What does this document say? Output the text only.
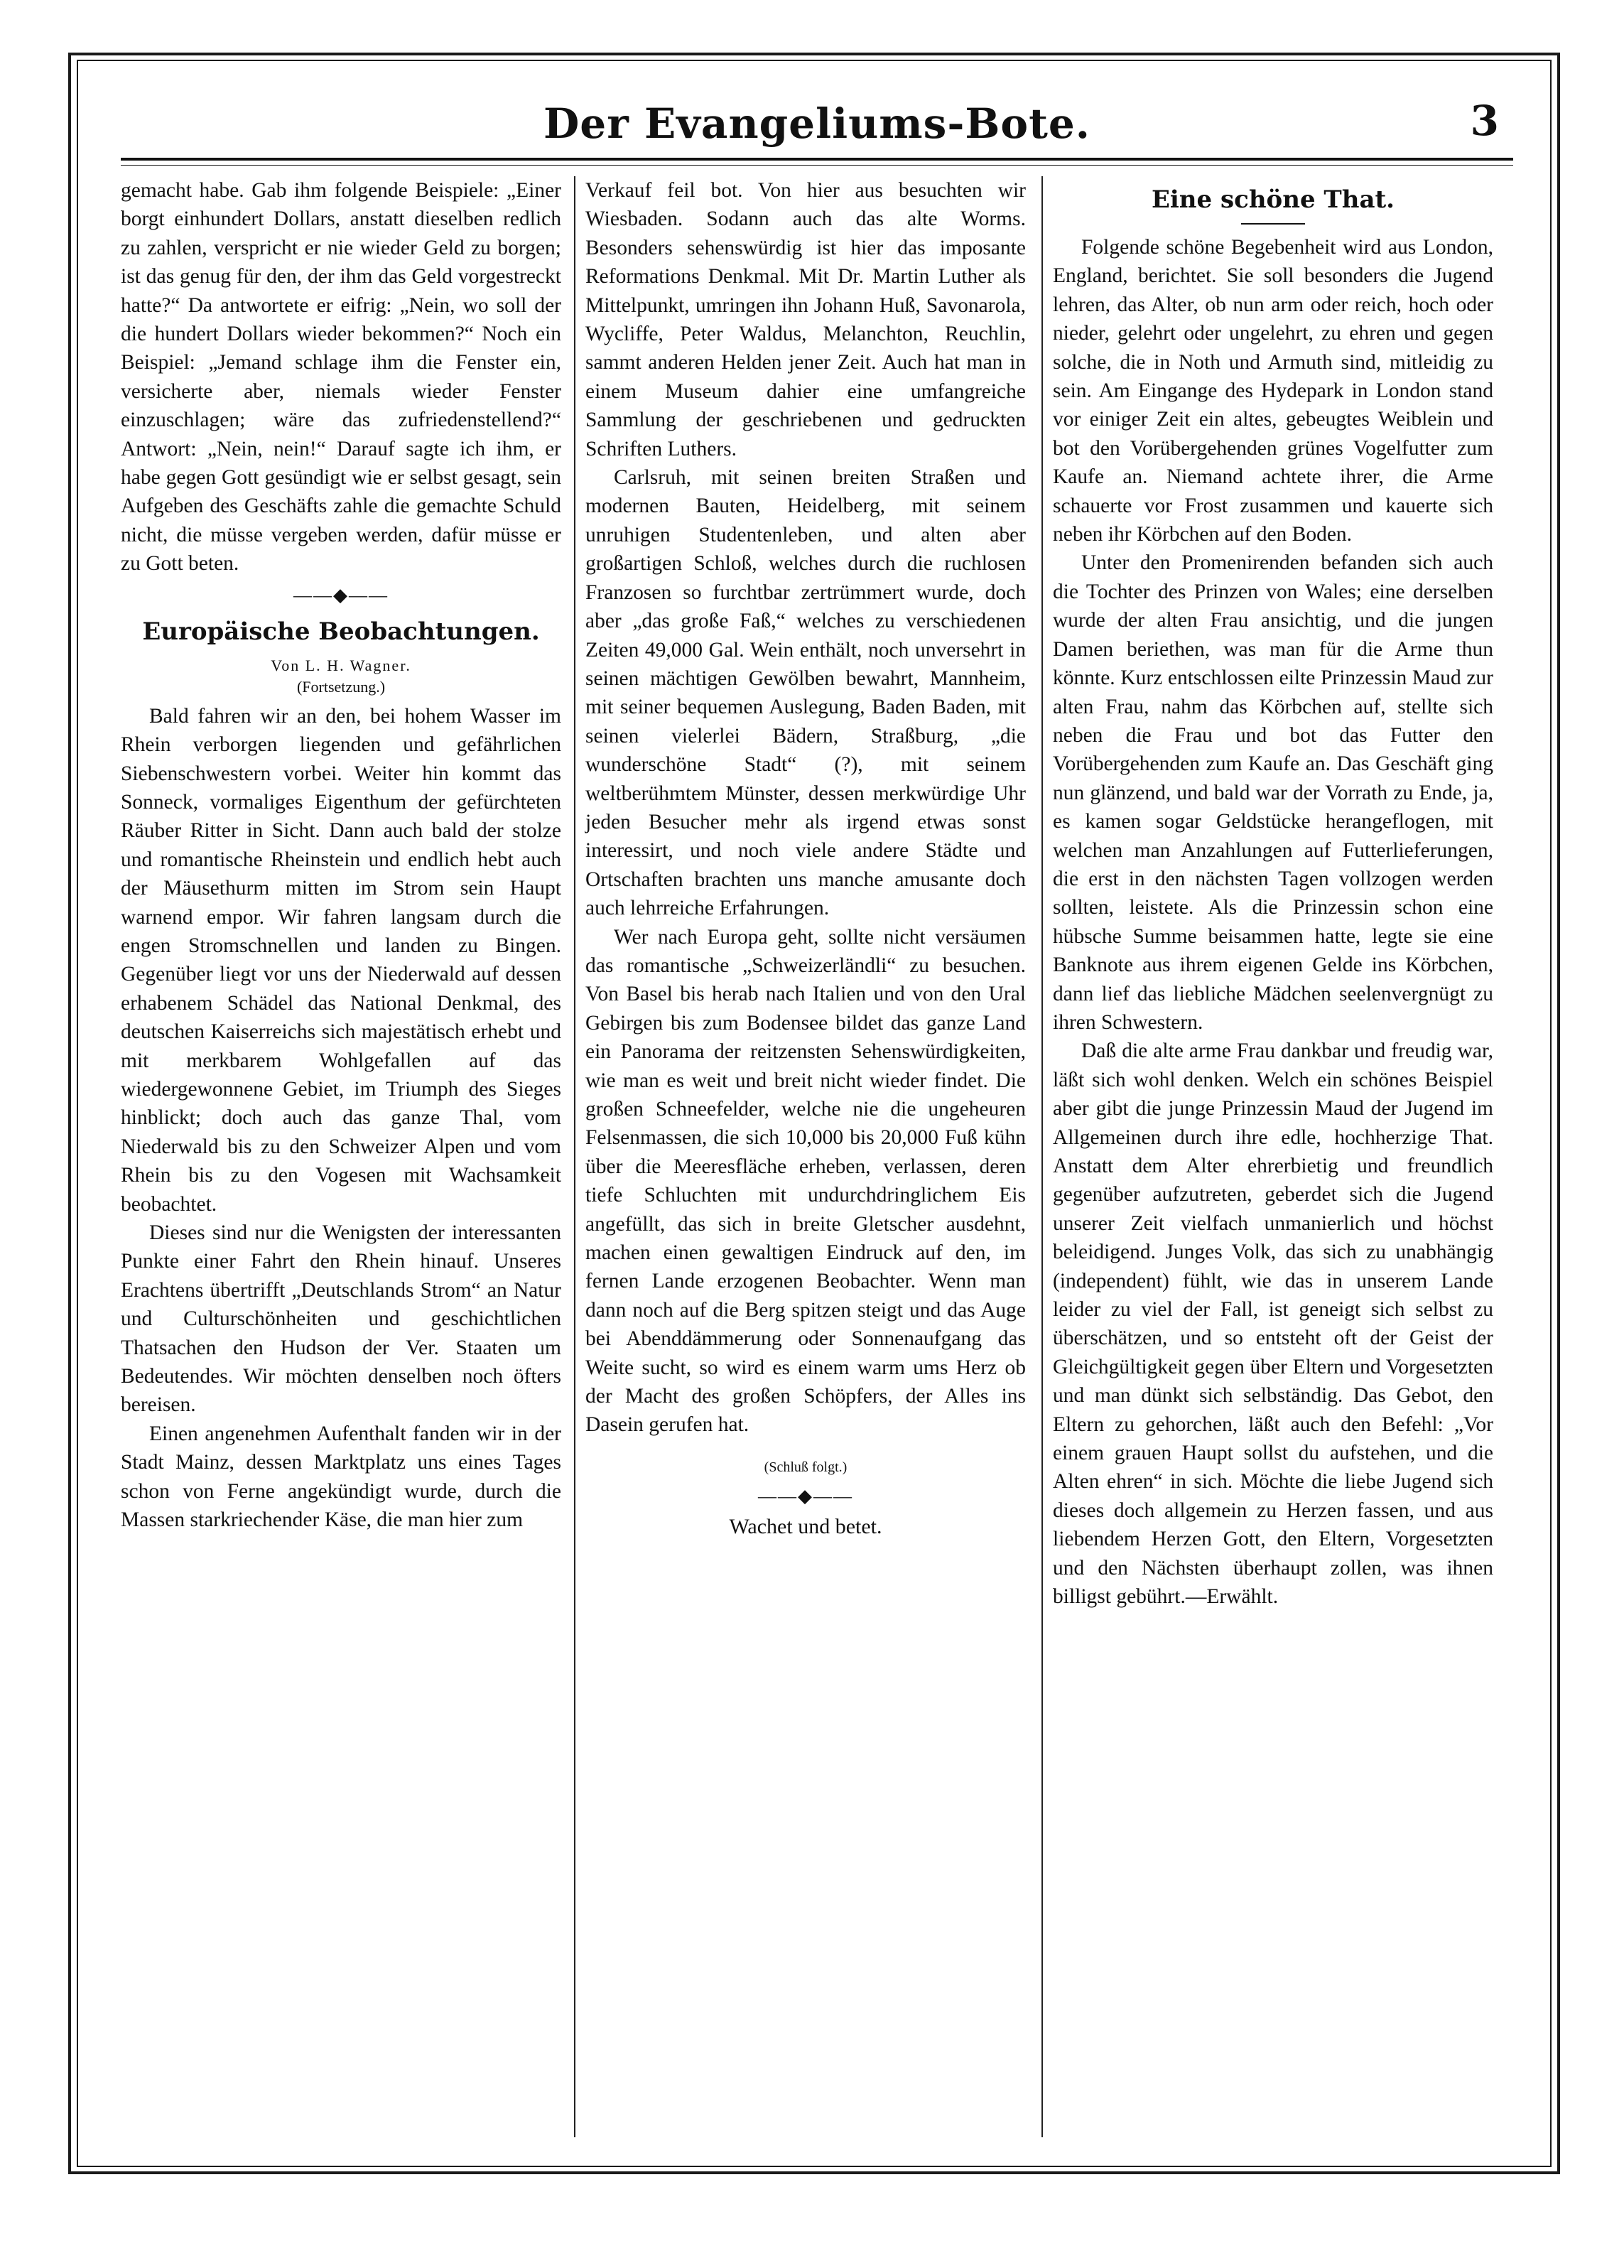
Der Evangeliums-Bote.	3

gemacht habe. Gab ihm folgende Beispiele: „Einer borgt einhundert Dollars, anstatt dieselben redlich zu zahlen, verspricht er nie wieder Geld zu borgen; ist das genug für den, der ihm das Geld vorgestreckt hatte?“ Da antwortete er eifrig: „Nein, wo soll der die hundert Dollars wieder bekommen?“ Noch ein Beispiel: „Jemand schlage ihm die Fenster ein, versicherte aber, niemals wieder Fenster einzuschlagen; wäre das zufriedenstellend?“ Antwort: „Nein, nein!“ Darauf sagte ich ihm, er habe gegen Gott gesündigt wie er selbst gesagt, sein Aufgeben des Geschäfts zahle die gemachte Schuld nicht, die müsse vergeben werden, dafür müsse er zu Gott beten.

——◆——
Europäische Beobachtungen.
Von L. H. Wagner.
(Fortsetzung.)

Bald fahren wir an den, bei hohem Wasser im Rhein verborgen liegenden und gefährlichen Siebenschwestern vorbei. Weiter hin kommt das Sonneck, vormaliges Eigenthum der gefürchteten Räuber Ritter in Sicht. Dann auch bald der stolze und romantische Rheinstein und endlich hebt auch der Mäusethurm mitten im Strom sein Haupt warnend empor. Wir fahren langsam durch die engen Stromschnellen und landen zu Bingen. Gegenüber liegt vor uns der Niederwald auf dessen erhabenem Schädel das National Denkmal, des deutschen Kaiserreichs sich majestätisch erhebt und mit merkbarem Wohlgefallen auf das wiedergewonnene Gebiet, im Triumph des Sieges hinblickt; doch auch das ganze Thal, vom Niederwald bis zu den Schweizer Alpen und vom Rhein bis zu den Vogesen mit Wachsamkeit beobachtet.

Dieses sind nur die Wenigsten der interessanten Punkte einer Fahrt den Rhein hinauf. Unseres Erachtens übertrifft „Deutschlands Strom“ an Natur und Culturschönheiten und geschichtlichen Thatsachen den Hudson der Ver. Staaten um Bedeutendes. Wir möchten denselben noch öfters bereisen.

Einen angenehmen Aufenthalt fanden wir in der Stadt Mainz, dessen Marktplatz uns eines Tages schon von Ferne angekündigt wurde, durch die Massen starkriechender Käse, die man hier zum

Verkauf feil bot. Von hier aus besuchten wir Wiesbaden. Sodann auch das alte Worms. Besonders sehenswürdig ist hier das imposante Reformations Denkmal. Mit Dr. Martin Luther als Mittelpunkt, umringen ihn Johann Huß, Savonarola, Wycliffe, Peter Waldus, Melanchton, Reuchlin, sammt anderen Helden jener Zeit. Auch hat man in einem Museum dahier eine umfangreiche Sammlung der geschriebenen und gedruckten Schriften Luthers.

Carlsruh, mit seinen breiten Straßen und modernen Bauten, Heidelberg, mit seinem unruhigen Studentenleben, und alten aber großartigen Schloß, welches durch die ruchlosen Franzosen so furchtbar zertrümmert wurde, doch aber „das große Faß,“ welches zu verschiedenen Zeiten 49,000 Gal. Wein enthält, noch unversehrt in seinen mächtigen Gewölben bewahrt, Mannheim, mit seiner bequemen Auslegung, Baden Baden, mit seinen vielerlei Bädern, Straßburg, „die wunderschöne Stadt“ (?), mit seinem weltberühmtem Münster, dessen merkwürdige Uhr jeden Besucher mehr als irgend etwas sonst interessirt, und noch viele andere Städte und Ortschaften brachten uns manche amusante doch auch lehrreiche Erfahrungen.

Wer nach Europa geht, sollte nicht versäumen das romantische „Schweizerländli“ zu besuchen. Von Basel bis herab nach Italien und von den Ural Gebirgen bis zum Bodensee bildet das ganze Land ein Panorama der reitzensten Sehenswürdigkeiten, wie man es weit und breit nicht wieder findet. Die großen Schneefelder, welche nie die ungeheuren Felsenmassen, die sich 10,000 bis 20,000 Fuß kühn über die Meeresfläche erheben, verlassen, deren tiefe Schluchten mit undurchdringlichem Eis angefüllt, das sich in breite Gletscher ausdehnt, machen einen gewaltigen Eindruck auf den, im fernen Lande erzogenen Beobachter. Wenn man dann noch auf die Berg spitzen steigt und das Auge bei Abenddämmerung oder Sonnenaufgang das Weite sucht, so wird es einem warm ums Herz ob der Macht des großen Schöpfers, der Alles ins Dasein gerufen hat.

(Schluß folgt.)
——◆——
Wachet und betet.
Eine schöne That.

Folgende schöne Begebenheit wird aus London, England, berichtet. Sie soll besonders die Jugend lehren, das Alter, ob nun arm oder reich, hoch oder nieder, gelehrt oder ungelehrt, zu ehren und gegen solche, die in Noth und Armuth sind, mitleidig zu sein. Am Eingange des Hydepark in London stand vor einiger Zeit ein altes, gebeugtes Weiblein und bot den Vorübergehenden grünes Vogelfutter zum Kaufe an. Niemand achtete ihrer, die Arme schauerte vor Frost zusammen und kauerte sich neben ihr Körbchen auf den Boden.

Unter den Promenirenden befanden sich auch die Tochter des Prinzen von Wales; eine derselben wurde der alten Frau ansichtig, und die jungen Damen beriethen, was man für die Arme thun könnte. Kurz entschlossen eilte Prinzessin Maud zur alten Frau, nahm das Körbchen auf, stellte sich neben die Frau und bot das Futter den Vorübergehenden zum Kaufe an. Das Geschäft ging nun glänzend, und bald war der Vorrath zu Ende, ja, es kamen sogar Geldstücke herangeflogen, mit welchen man Anzahlungen auf Futterlieferungen, die erst in den nächsten Tagen vollzogen werden sollten, leistete. Als die Prinzessin schon eine hübsche Summe beisammen hatte, legte sie eine Banknote aus ihrem eigenen Gelde ins Körbchen, dann lief das liebliche Mädchen seelenvergnügt zu ihren Schwestern.

Daß die alte arme Frau dankbar und freudig war, läßt sich wohl denken. Welch ein schönes Beispiel aber gibt die junge Prinzessin Maud der Jugend im Allgemeinen durch ihre edle, hochherzige That. Anstatt dem Alter ehrerbietig und freundlich gegenüber aufzutreten, geberdet sich die Jugend unserer Zeit vielfach unmanierlich und höchst beleidigend. Junges Volk, das sich zu unabhängig (independent) fühlt, wie das in unserem Lande leider zu viel der Fall, ist geneigt sich selbst zu überschätzen, und so entsteht oft der Geist der Gleichgültigkeit gegen über Eltern und Vorgesetzten und man dünkt sich selbständig. Das Gebot, den Eltern zu gehorchen, läßt auch den Befehl: „Vor einem grauen Haupt sollst du aufstehen, und die Alten ehren“ in sich. Möchte die liebe Jugend sich dieses doch allgemein zu Herzen fassen, und aus liebendem Herzen Gott, den Eltern, Vorgesetzten und den Nächsten überhaupt zollen, was ihnen billigst gebührt.—Erwählt.
